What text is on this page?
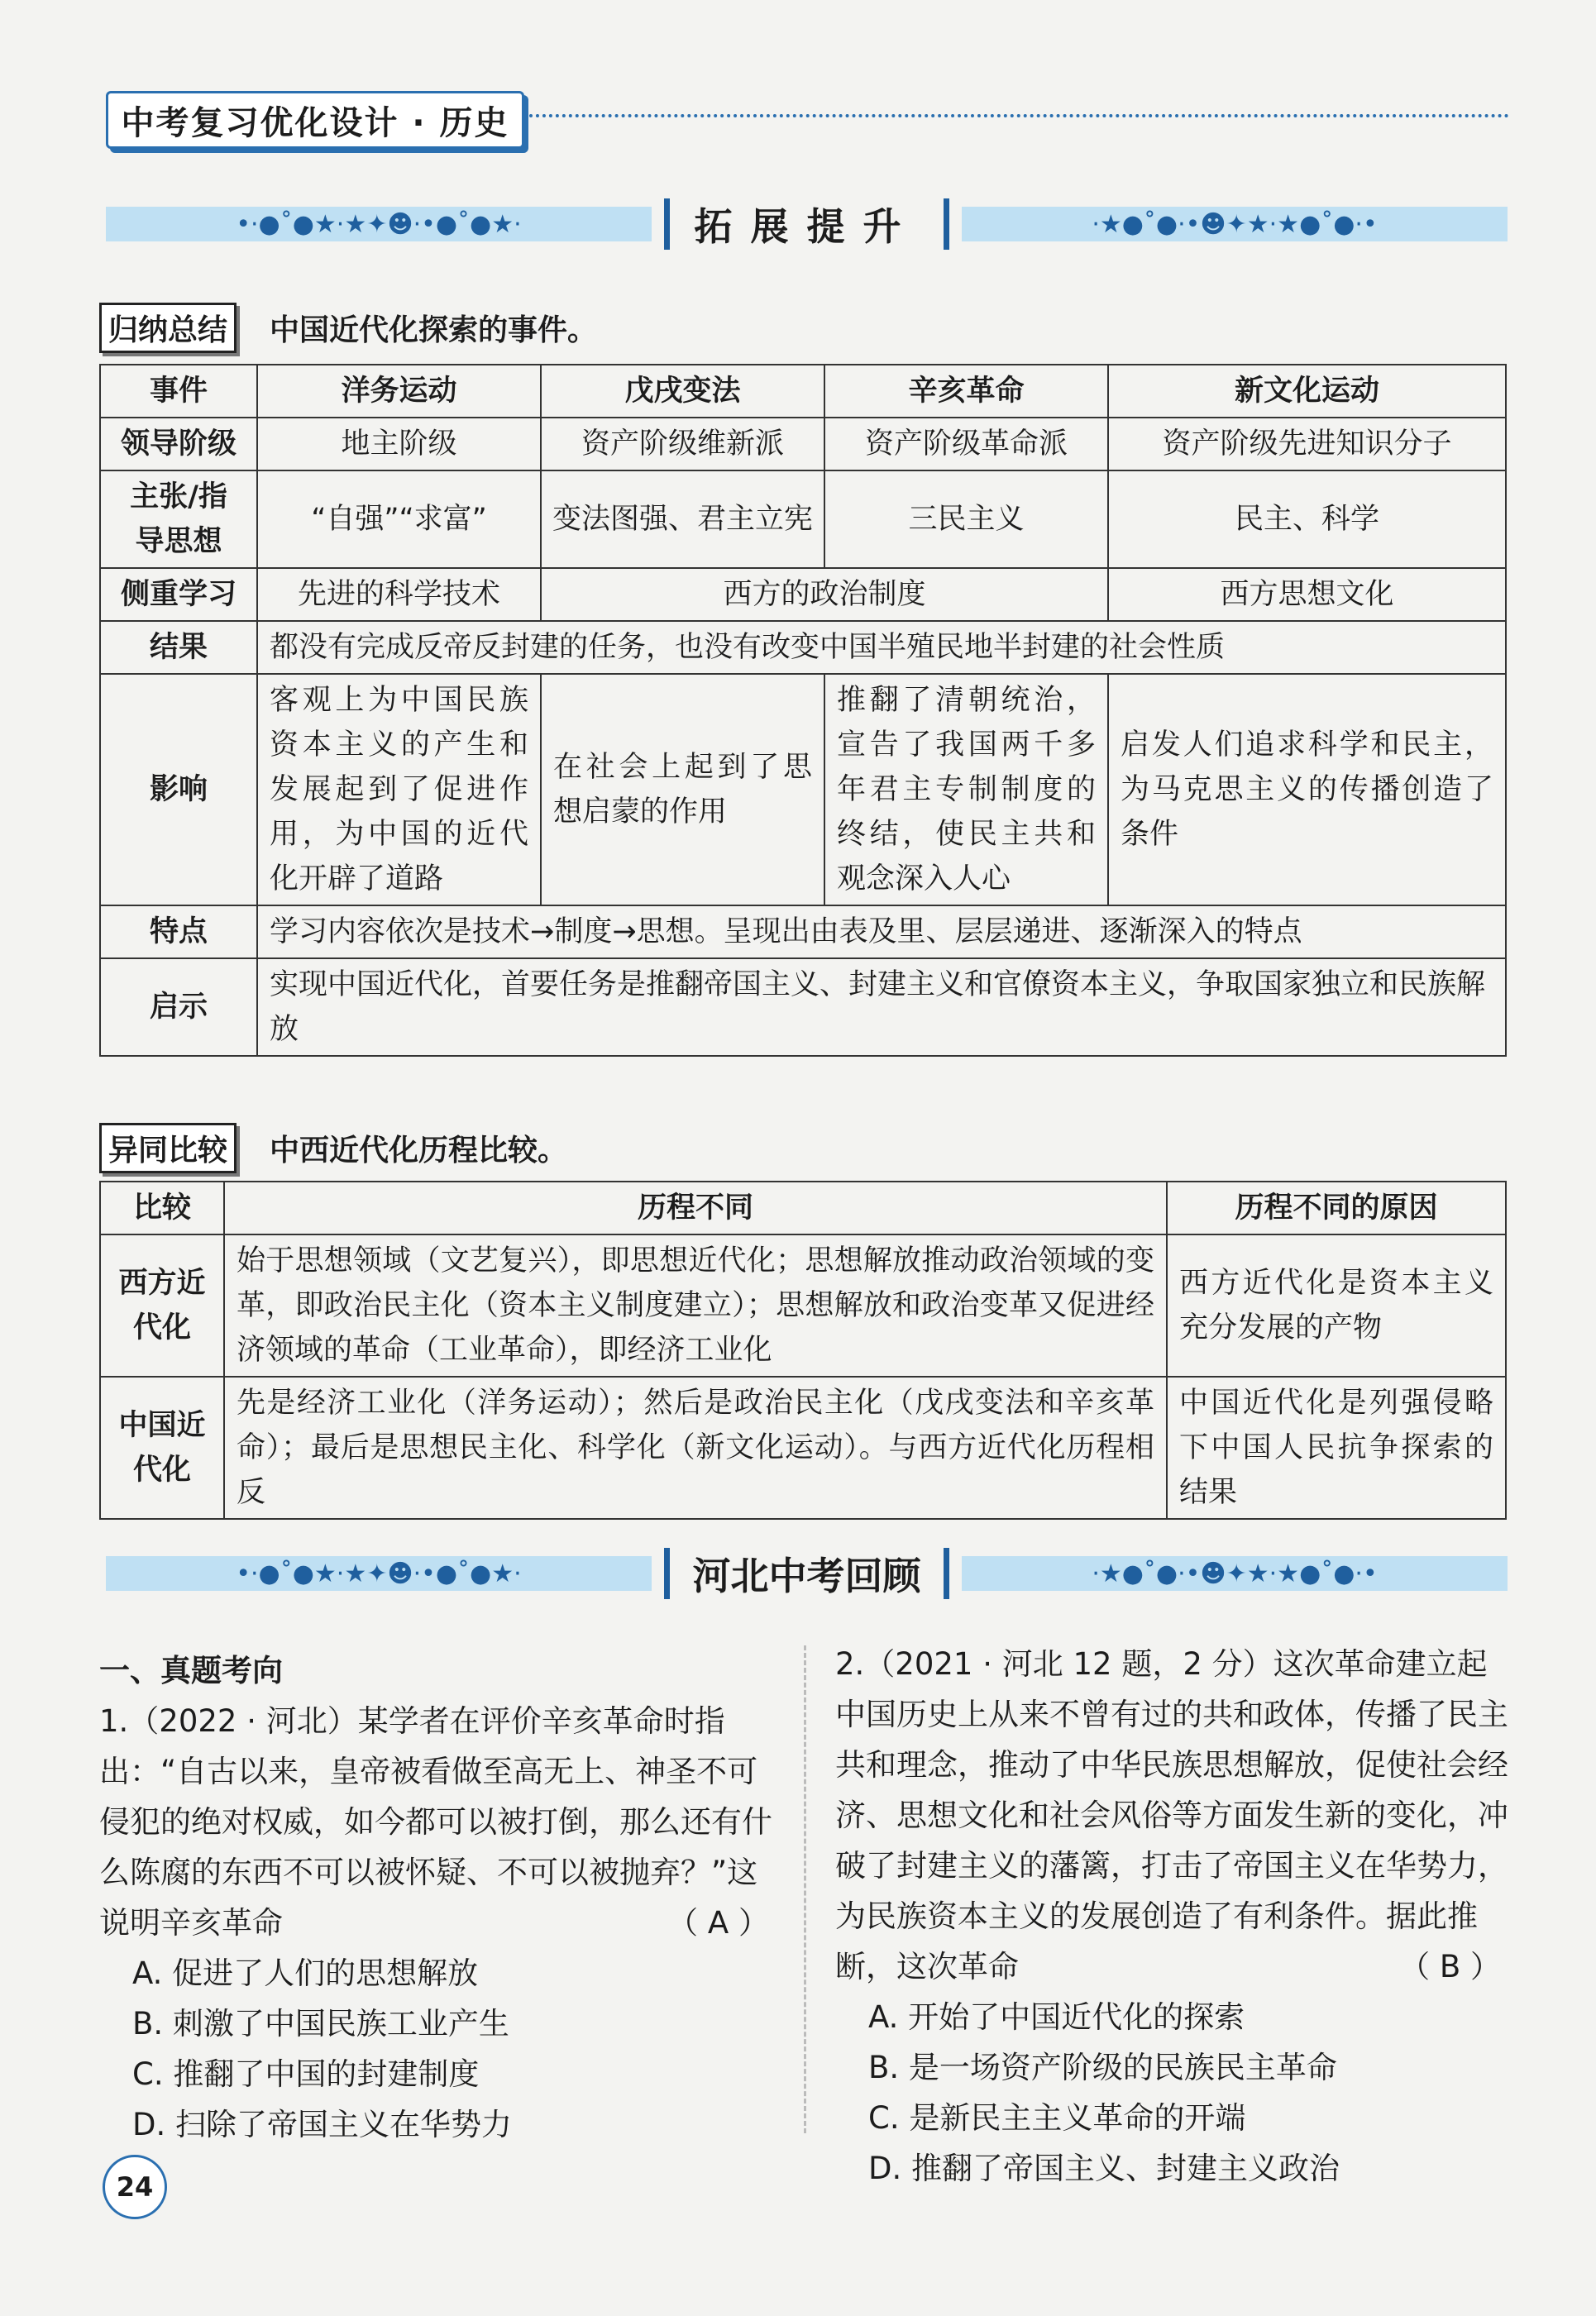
中考复习优化设计 · 历史
•·●˚●★·★✦☻·•●˚●★·	拓展提升	·★●˚●·•☻✦★·★●˚●·•
归纳总结	中国近代化探索的事件。
事件	洋务运动	戊戌变法	辛亥革命	新文化运动
领导阶级	地主阶级	资产阶级维新派	资产阶级革命派	资产阶级先进知识分子
主张/指导思想	“自强”“求富”	变法图强、君主立宪	三民主义	民主、科学
侧重学习	先进的科学技术	西方的政治制度		西方思想文化
结果	都没有完成反帝反封建的任务，也没有改变中国半殖民地半封建的社会性质			
影响	客观上为中国民族资本主义的产生和发展起到了促进作用，为中国的近代化开辟了道路	在社会上起到了思想启蒙的作用	推翻了清朝统治，宣告了我国两千多年君主专制制度的终结，使民主共和观念深入人心	启发人们追求科学和民主，为马克思主义的传播创造了条件
特点	学习内容依次是技术→制度→思想。呈现出由表及里、层层递进、逐渐深入的特点			
启示	实现中国近代化，首要任务是推翻帝国主义、封建主义和官僚资本主义，争取国家独立和民族解放			
异同比较	中西近代化历程比较。
比较	历程不同	历程不同的原因
西方近代化	始于思想领域（文艺复兴），即思想近代化；思想解放推动政治领域的变革，即政治民主化（资本主义制度建立）；思想解放和政治变革又促进经济领域的革命（工业革命），即经济工业化	西方近代化是资本主义充分发展的产物
中国近代化	先是经济工业化（洋务运动）；然后是政治民主化（戊戌变法和辛亥革命）；最后是思想民主化、科学化（新文化运动）。与西方近代化历程相反	中国近代化是列强侵略下中国人民抗争探索的结果
•·●˚●★·★✦☻·•●˚●★·	河北中考回顾	·★●˚●·•☻✦★·★●˚●·•
一、真题考向
1.（2022 · 河北）某学者在评价辛亥革命时指出：“自古以来，皇帝被看做至高无上、神圣不可侵犯的绝对权威，如今都可以被打倒，那么还有什么陈腐的东西不可以被怀疑、不可以被抛弃？”这说明辛亥革命	（ A ）
A. 促进了人们的思想解放
B. 刺激了中国民族工业产生
C. 推翻了中国的封建制度
D. 扫除了帝国主义在华势力
2.（2021 · 河北 12 题，2 分）这次革命建立起中国历史上从来不曾有过的共和政体，传播了民主共和理念，推动了中华民族思想解放，促使社会经济、思想文化和社会风俗等方面发生新的变化，冲破了封建主义的藩篱，打击了帝国主义在华势力，为民族资本主义的发展创造了有利条件。据此推断，这次革命	（ B ）
A. 开始了中国近代化的探索
B. 是一场资产阶级的民族民主革命
C. 是新民主主义革命的开端
D. 推翻了帝国主义、封建主义政治
24
